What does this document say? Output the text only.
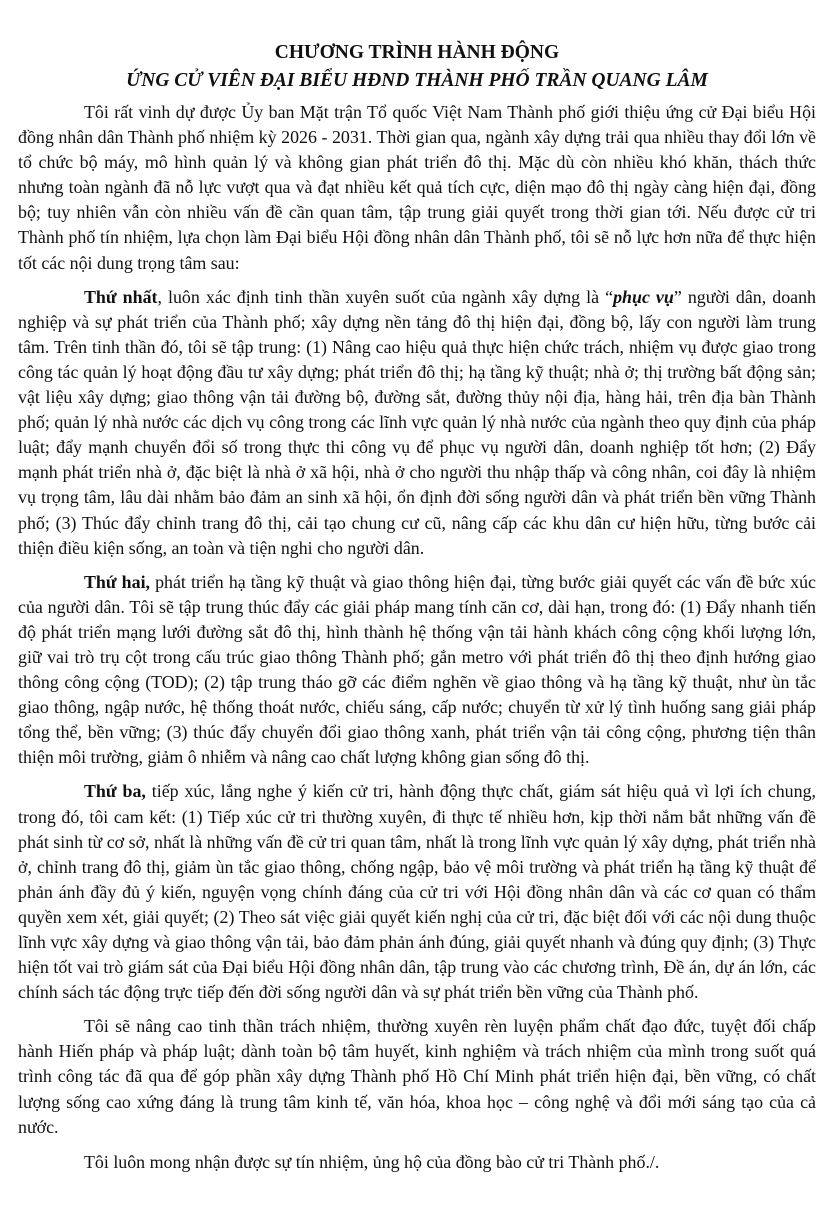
CHƯƠNG TRÌNH HÀNH ĐỘNG
ỨNG CỬ VIÊN ĐẠI BIỂU HĐND THÀNH PHỐ TRẦN QUANG LÂM

Tôi rất vinh dự được Ủy ban Mặt trận Tổ quốc Việt Nam Thành phố giới thiệu ứng cử Đại biểu Hội đồng nhân dân Thành phố nhiệm kỳ 2026 - 2031. Thời gian qua, ngành xây dựng trải qua nhiều thay đổi lớn về tổ chức bộ máy, mô hình quản lý và không gian phát triển đô thị. Mặc dù còn nhiều khó khăn, thách thức nhưng toàn ngành đã nỗ lực vượt qua và đạt nhiều kết quả tích cực, diện mạo đô thị ngày càng hiện đại, đồng bộ; tuy nhiên vẫn còn nhiều vấn đề cần quan tâm, tập trung giải quyết trong thời gian tới. Nếu được cử tri Thành phố tín nhiệm, lựa chọn làm Đại biểu Hội đồng nhân dân Thành phố, tôi sẽ nỗ lực hơn nữa để thực hiện tốt các nội dung trọng tâm sau:

Thứ nhất, luôn xác định tinh thần xuyên suốt của ngành xây dựng là “phục vụ” người dân, doanh nghiệp và sự phát triển của Thành phố; xây dựng nền tảng đô thị hiện đại, đồng bộ, lấy con người làm trung tâm. Trên tinh thần đó, tôi sẽ tập trung: (1) Nâng cao hiệu quả thực hiện chức trách, nhiệm vụ được giao trong công tác quản lý hoạt động đầu tư xây dựng; phát triển đô thị; hạ tầng kỹ thuật; nhà ở; thị trường bất động sản; vật liệu xây dựng; giao thông vận tải đường bộ, đường sắt, đường thủy nội địa, hàng hải, trên địa bàn Thành phố; quản lý nhà nước các dịch vụ công trong các lĩnh vực quản lý nhà nước của ngành theo quy định của pháp luật; đẩy mạnh chuyển đổi số trong thực thi công vụ để phục vụ người dân, doanh nghiệp tốt hơn; (2) Đẩy mạnh phát triển nhà ở, đặc biệt là nhà ở xã hội, nhà ở cho người thu nhập thấp và công nhân, coi đây là nhiệm vụ trọng tâm, lâu dài nhằm bảo đảm an sinh xã hội, ổn định đời sống người dân và phát triển bền vững Thành phố; (3) Thúc đẩy chỉnh trang đô thị, cải tạo chung cư cũ, nâng cấp các khu dân cư hiện hữu, từng bước cải thiện điều kiện sống, an toàn và tiện nghi cho người dân.

Thứ hai, phát triển hạ tầng kỹ thuật và giao thông hiện đại, từng bước giải quyết các vấn đề bức xúc của người dân. Tôi sẽ tập trung thúc đẩy các giải pháp mang tính căn cơ, dài hạn, trong đó: (1) Đẩy nhanh tiến độ phát triển mạng lưới đường sắt đô thị, hình thành hệ thống vận tải hành khách công cộng khối lượng lớn, giữ vai trò trụ cột trong cấu trúc giao thông Thành phố; gắn metro với phát triển đô thị theo định hướng giao thông công cộng (TOD); (2) tập trung tháo gỡ các điểm nghẽn về giao thông và hạ tầng kỹ thuật, như ùn tắc giao thông, ngập nước, hệ thống thoát nước, chiếu sáng, cấp nước; chuyển từ xử lý tình huống sang giải pháp tổng thể, bền vững; (3) thúc đẩy chuyển đổi giao thông xanh, phát triển vận tải công cộng, phương tiện thân thiện môi trường, giảm ô nhiễm và nâng cao chất lượng không gian sống đô thị.

Thứ ba, tiếp xúc, lắng nghe ý kiến cử tri, hành động thực chất, giám sát hiệu quả vì lợi ích chung, trong đó, tôi cam kết: (1) Tiếp xúc cử tri thường xuyên, đi thực tế nhiều hơn, kịp thời nắm bắt những vấn đề phát sinh từ cơ sở, nhất là những vấn đề cử tri quan tâm, nhất là trong lĩnh vực quản lý xây dựng, phát triển nhà ở, chỉnh trang đô thị, giảm ùn tắc giao thông, chống ngập, bảo vệ môi trường và phát triển hạ tầng kỹ thuật để phản ánh đầy đủ ý kiến, nguyện vọng chính đáng của cử tri với Hội đồng nhân dân và các cơ quan có thẩm quyền xem xét, giải quyết; (2) Theo sát việc giải quyết kiến nghị của cử tri, đặc biệt đối với các nội dung thuộc lĩnh vực xây dựng và giao thông vận tải, bảo đảm phản ánh đúng, giải quyết nhanh và đúng quy định; (3) Thực hiện tốt vai trò giám sát của Đại biểu Hội đồng nhân dân, tập trung vào các chương trình, Đề án, dự án lớn, các chính sách tác động trực tiếp đến đời sống người dân và sự phát triển bền vững của Thành phố.

Tôi sẽ nâng cao tinh thần trách nhiệm, thường xuyên rèn luyện phẩm chất đạo đức, tuyệt đối chấp hành Hiến pháp và pháp luật; dành toàn bộ tâm huyết, kinh nghiệm và trách nhiệm của mình trong suốt quá trình công tác đã qua để góp phần xây dựng Thành phố Hồ Chí Minh phát triển hiện đại, bền vững, có chất lượng sống cao xứng đáng là trung tâm kinh tế, văn hóa, khoa học – công nghệ và đổi mới sáng tạo của cả nước.

Tôi luôn mong nhận được sự tín nhiệm, ủng hộ của đồng bào cử tri Thành phố./.
